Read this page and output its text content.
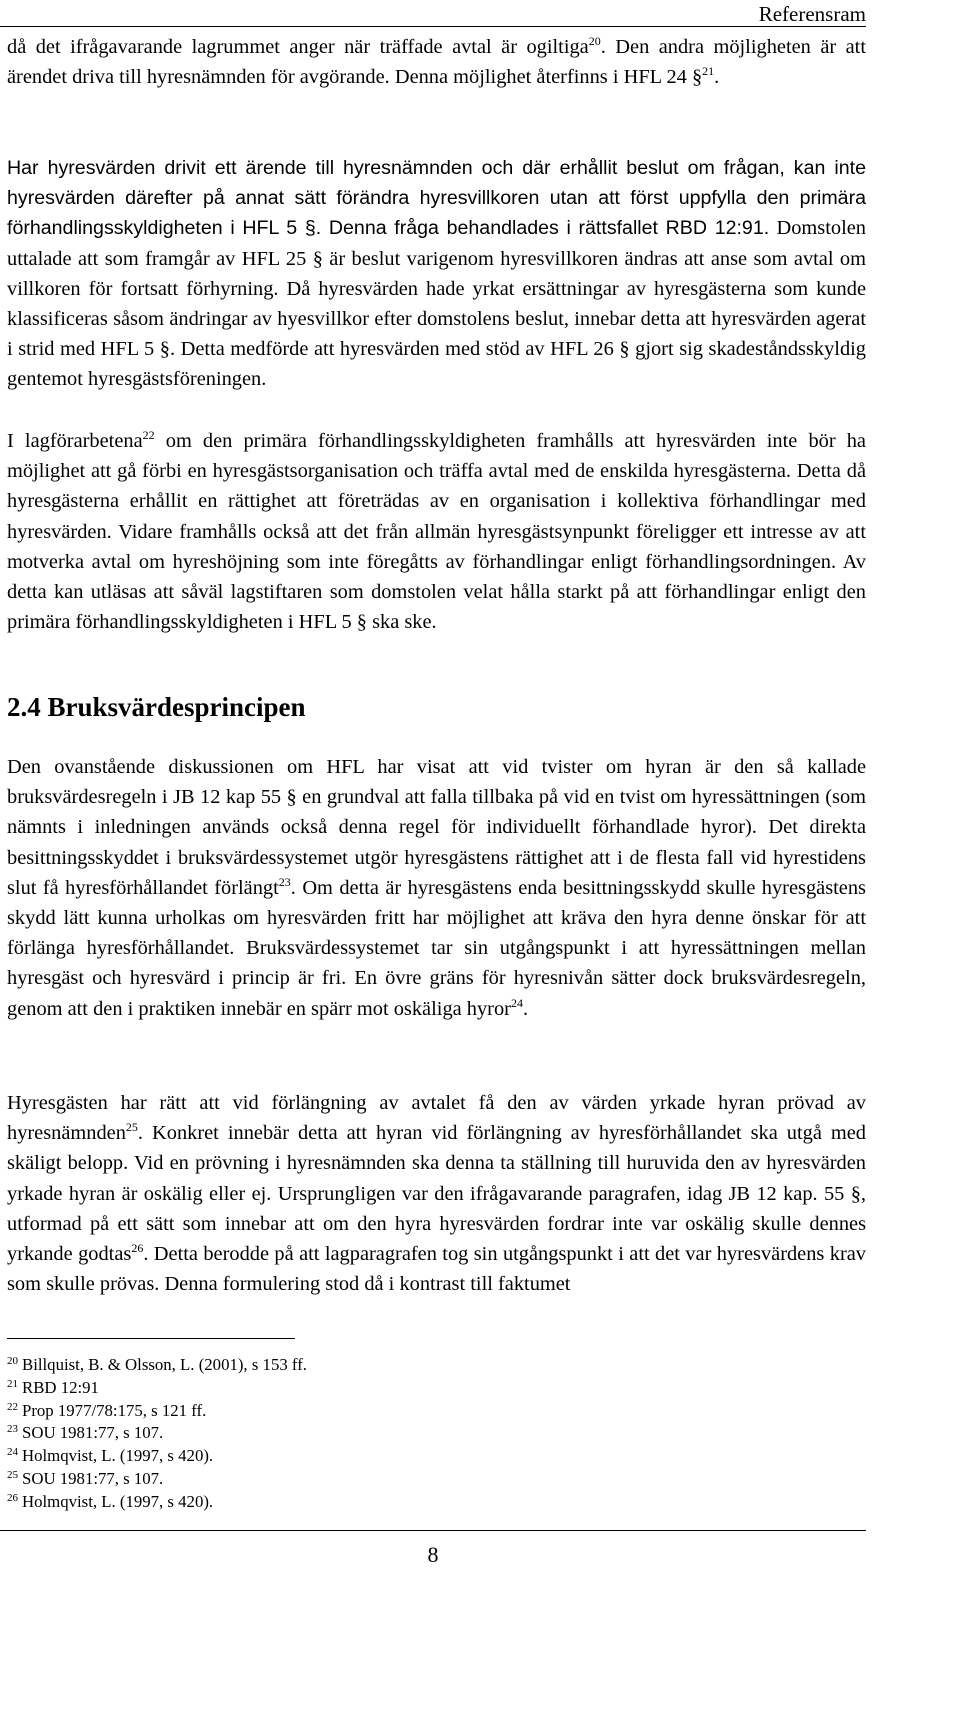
Referensram

då det ifrågavarande lagrummet anger när träffade avtal är ogiltiga$^{20}$. Den andra möjligheten är att ärendet driva till hyresnämnden för avgörande. Denna möjlighet återfinns i HFL 24 §$^{21}$.

Har hyresvärden drivit ett ärende till hyresnämnden och där erhållit beslut om frågan, kan inte hyresvärden därefter på annat sätt förändra hyresvillkoren utan att först uppfylla den primära förhandlingsskyldigheten i HFL 5 §. Denna fråga behandlades i rättsfallet RBD 12:91. Domstolen uttalade att som framgår av HFL 25 § är beslut varigenom hyresvillkoren ändras att anse som avtal om villkoren för fortsatt förhyrning. Då hyresvärden hade yrkat ersättningar av hyresgästerna som kunde klassificeras såsom ändringar av hyesvillkor efter domstolens beslut, innebar detta att hyresvärden agerat i strid med HFL 5 §. Detta medförde att hyresvärden med stöd av HFL 26 § gjort sig skadeståndsskyldig gentemot hyresgästsföreningen.

I lagförarbetena$^{22}$ om den primära förhandlingsskyldigheten framhålls att hyresvärden inte bör ha möjlighet att gå förbi en hyresgästsorganisation och träffa avtal med de enskilda hyresgästerna. Detta då hyresgästerna erhållit en rättighet att företrädas av en organisation i kollektiva förhandlingar med hyresvärden. Vidare framhålls också att det från allmän hyresgästsynpunkt föreligger ett intresse av att motverka avtal om hyreshöjning som inte föregåtts av förhandlingar enligt förhandlingsordningen. Av detta kan utläsas att såväl lagstiftaren som domstolen velat hålla starkt på att förhandlingar enligt den primära förhandlingsskyldigheten i HFL 5 § ska ske.

2.4 Bruksvärdesprincipen

Den ovanstående diskussionen om HFL har visat att vid tvister om hyran är den så kallade bruksvärdesregeln i JB 12 kap 55 § en grundval att falla tillbaka på vid en tvist om hyressättningen (som nämnts i inledningen används också denna regel för individuellt förhandlade hyror). Det direkta besittningsskyddet i bruksvärdessystemet utgör hyresgästens rättighet att i de flesta fall vid hyrestidens slut få hyresförhållandet förlängt$^{23}$. Om detta är hyresgästens enda besittningsskydd skulle hyresgästens skydd lätt kunna urholkas om hyresvärden fritt har möjlighet att kräva den hyra denne önskar för att förlänga hyresförhållandet. Bruksvärdessystemet tar sin utgångspunkt i att hyressättningen mellan hyresgäst och hyresvärd i princip är fri. En övre gräns för hyresnivån sätter dock bruksvärdesregeln, genom att den i praktiken innebär en spärr mot oskäliga hyror$^{24}$.

Hyresgästen har rätt att vid förlängning av avtalet få den av värden yrkade hyran prövad av hyresnämnden$^{25}$. Konkret innebär detta att hyran vid förlängning av hyresförhållandet ska utgå med skäligt belopp. Vid en prövning i hyresnämnden ska denna ta ställning till huruvida den av hyresvärden yrkade hyran är oskälig eller ej. Ursprungligen var den ifrågavarande paragrafen, idag JB 12 kap. 55 §, utformad på ett sätt som innebar att om den hyra hyresvärden fordrar inte var oskälig skulle dennes yrkande godtas$^{26}$. Detta berodde på att lagparagrafen tog sin utgångspunkt i att det var hyresvärdens krav som skulle prövas. Denna formulering stod då i kontrast till faktumet

$^{20}$ Billquist, B. & Olsson, L. (2001), s 153 ff.
$^{21}$ RBD 12:91
$^{22}$ Prop 1977/78:175, s 121 ff.
$^{23}$ SOU 1981:77, s 107.
$^{24}$ Holmqvist, L. (1997, s 420).
$^{25}$ SOU 1981:77, s 107.
$^{26}$ Holmqvist, L. (1997, s 420).
8
